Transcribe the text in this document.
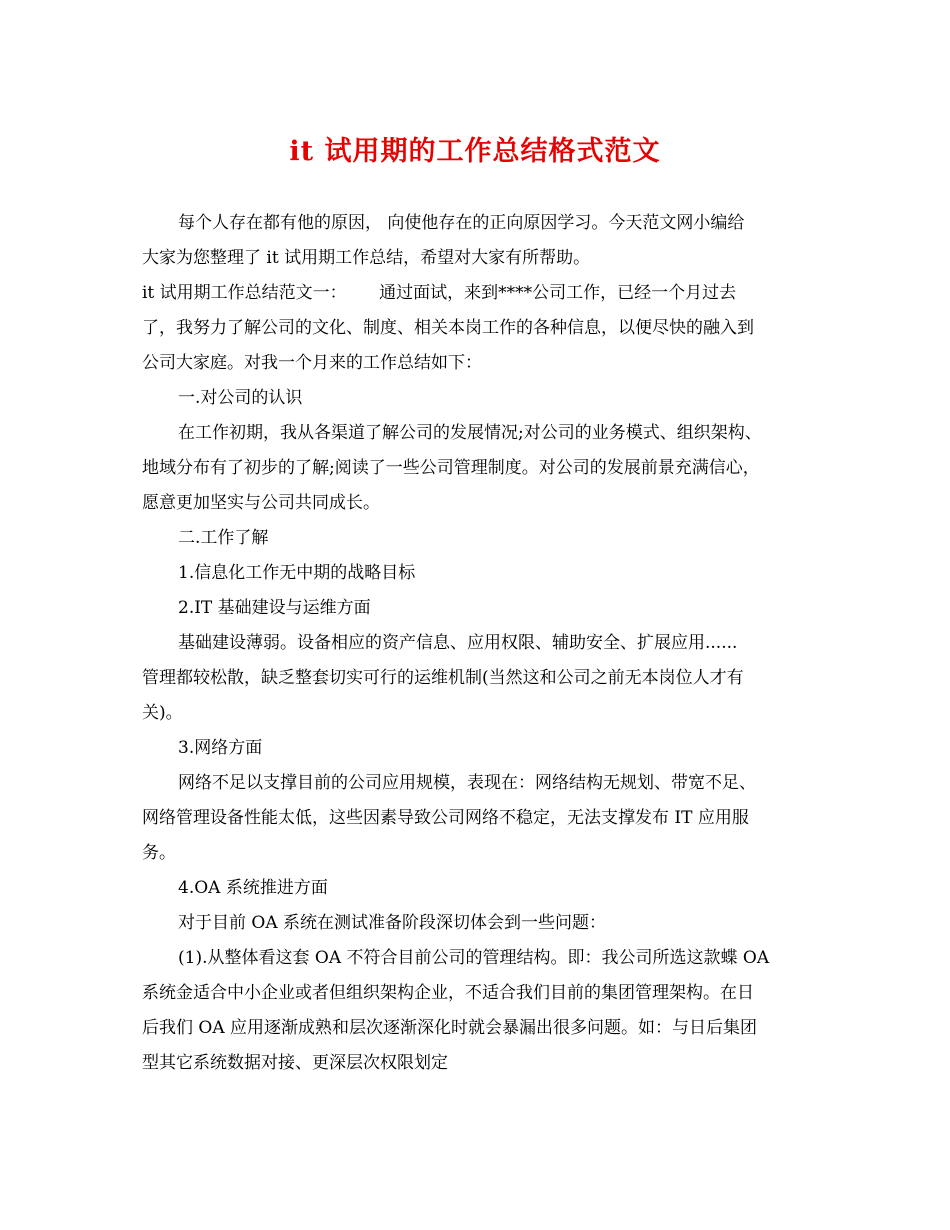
it 试用期的工作总结格式范文
每个人存在都有他的原因， 向使他存在的正向原因学习。今天范文网小编给
大家为您整理了 it 试用期工作总结，希望对大家有所帮助。
it 试用期工作总结范文一：      通过面试，来到****公司工作，已经一个月过去
了，我努力了解公司的文化、制度、相关本岗工作的各种信息，以便尽快的融入到
公司大家庭。对我一个月来的工作总结如下：
一.对公司的认识
在工作初期，我从各渠道了解公司的发展情况;对公司的业务模式、组织架构、
地域分布有了初步的了解;阅读了一些公司管理制度。对公司的发展前景充满信心，
愿意更加坚实与公司共同成长。
二.工作了解
1.信息化工作无中期的战略目标
2.IT 基础建设与运维方面
基础建设薄弱。设备相应的资产信息、应用权限、辅助安全、扩展应用......
管理都较松散，缺乏整套切实可行的运维机制(当然这和公司之前无本岗位人才有
关)。
3.网络方面
网络不足以支撑目前的公司应用规模，表现在：网络结构无规划、带宽不足、
网络管理设备性能太低，这些因素导致公司网络不稳定，无法支撑发布 IT 应用服
务。
4.OA 系统推进方面
对于目前 OA 系统在测试准备阶段深切体会到一些问题：
(1).从整体看这套 OA 不符合目前公司的管理结构。即：我公司所选这款蝶 OA
系统金适合中小企业或者但组织架构企业，不适合我们目前的集团管理架构。在日
后我们 OA 应用逐渐成熟和层次逐渐深化时就会暴漏出很多问题。如：与日后集团
型其它系统数据对接、更深层次权限划定
